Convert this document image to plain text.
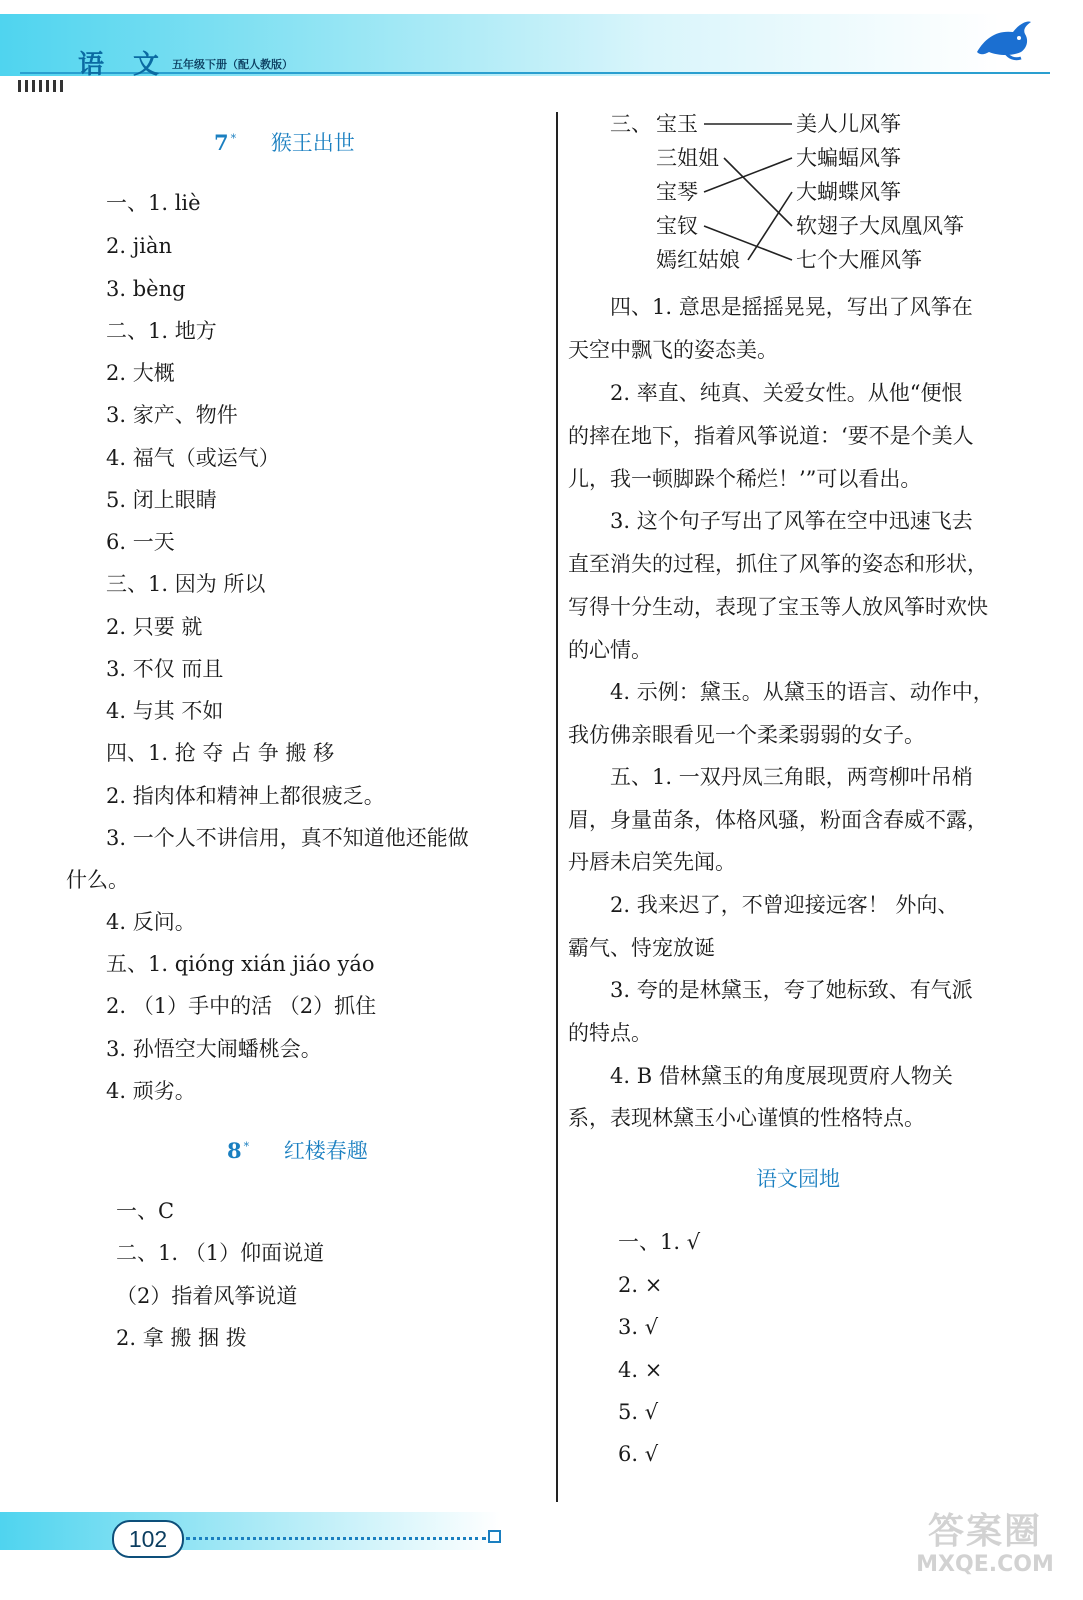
语 文 五年级下册（配人教版）
7 * 猴王出世
一、1. liè
2. jiàn
3. bèng
二、1. 地方
2. 大概
3. 家产、物件
4. 福气（或运气）
5. 闭上眼睛
6. 一天
三、1. 因为 所以
2. 只要 就
3. 不仅 而且
4. 与其 不如
四、1. 抢 夺 占 争 搬 移
2. 指肉体和精神上都很疲乏。
3. 一个人不讲信用，真不知道他还能做
什么。
4. 反问。
五、1. qióng xián jiáo yáo
2. （1）手中的活 （2）抓住
3. 孙悟空大闹蟠桃会。
4. 顽劣。
8 * 红楼春趣
一、C
二、1. （1）仰面说道
（2）指着风筝说道
2. 拿 搬 捆 拨
三、 宝玉
三姐姐
宝琴
宝钗
嫣红姑娘
美人儿风筝
大蝙蝠风筝
大蝴蝶风筝
软翅子大凤凰风筝
七个大雁风筝
四、1. 意思是摇摇晃晃，写出了风筝在
天空中飘飞的姿态美。
2. 率直、纯真、关爱女性。从他“便恨
的摔在地下，指着风筝说道：‘要不是个美人
儿，我一顿脚跺个稀烂！’”可以看出。
3. 这个句子写出了风筝在空中迅速飞去
直至消失的过程，抓住了风筝的姿态和形状，
写得十分生动，表现了宝玉等人放风筝时欢快
的心情。
4. 示例：黛玉。从黛玉的语言、动作中，
我仿佛亲眼看见一个柔柔弱弱的女子。
五、1. 一双丹凤三角眼，两弯柳叶吊梢
眉，身量苗条，体格风骚，粉面含春威不露，
丹唇未启笑先闻。
2. 我来迟了，不曾迎接远客！ 外向、
霸气、恃宠放诞
3. 夸的是林黛玉，夸了她标致、有气派
的特点。
4. B 借林黛玉的角度展现贾府人物关
系，表现林黛玉小心谨慎的性格特点。
语文园地
一、1. √
2. ×
3. √
4. ×
5. √
6. √
102	答案圈
MXQE.COM
